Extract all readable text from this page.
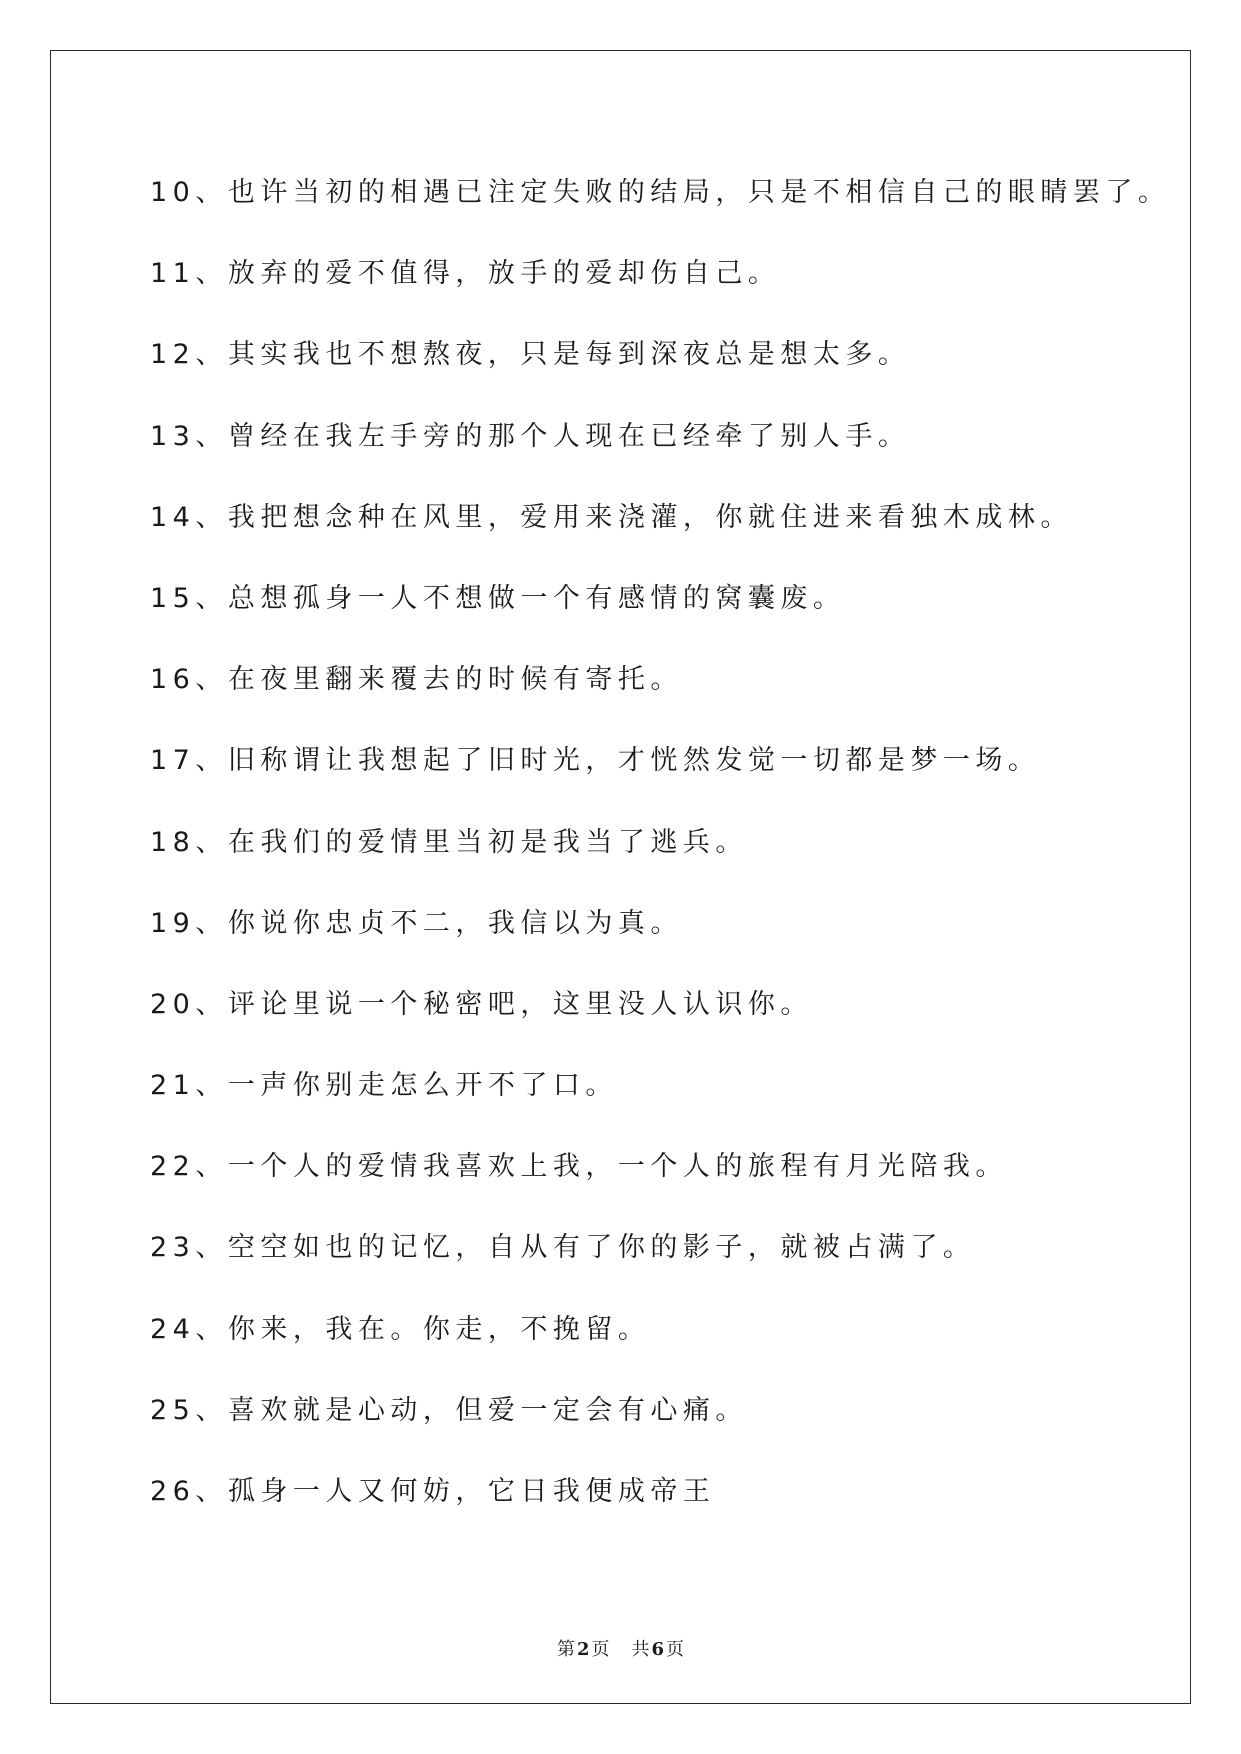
10、也许当初的相遇已注定失败的结局，只是不相信自己的眼睛罢了。
11、放弃的爱不值得，放手的爱却伤自己。
12、其实我也不想熬夜，只是每到深夜总是想太多。
13、曾经在我左手旁的那个人现在已经牵了别人手。
14、我把想念种在风里，爱用来浇灌，你就住进来看独木成林。
15、总想孤身一人不想做一个有感情的窝囊废。
16、在夜里翻来覆去的时候有寄托。
17、旧称谓让我想起了旧时光，才恍然发觉一切都是梦一场。
18、在我们的爱情里当初是我当了逃兵。
19、你说你忠贞不二，我信以为真。
20、评论里说一个秘密吧，这里没人认识你。
21、一声你别走怎么开不了口。
22、一个人的爱情我喜欢上我，一个人的旅程有月光陪我。
23、空空如也的记忆，自从有了你的影子，就被占满了。
24、你来，我在。你走，不挽留。
25、喜欢就是心动，但爱一定会有心痛。
26、孤身一人又何妨，它日我便成帝王
第 2 页 共 6 页
